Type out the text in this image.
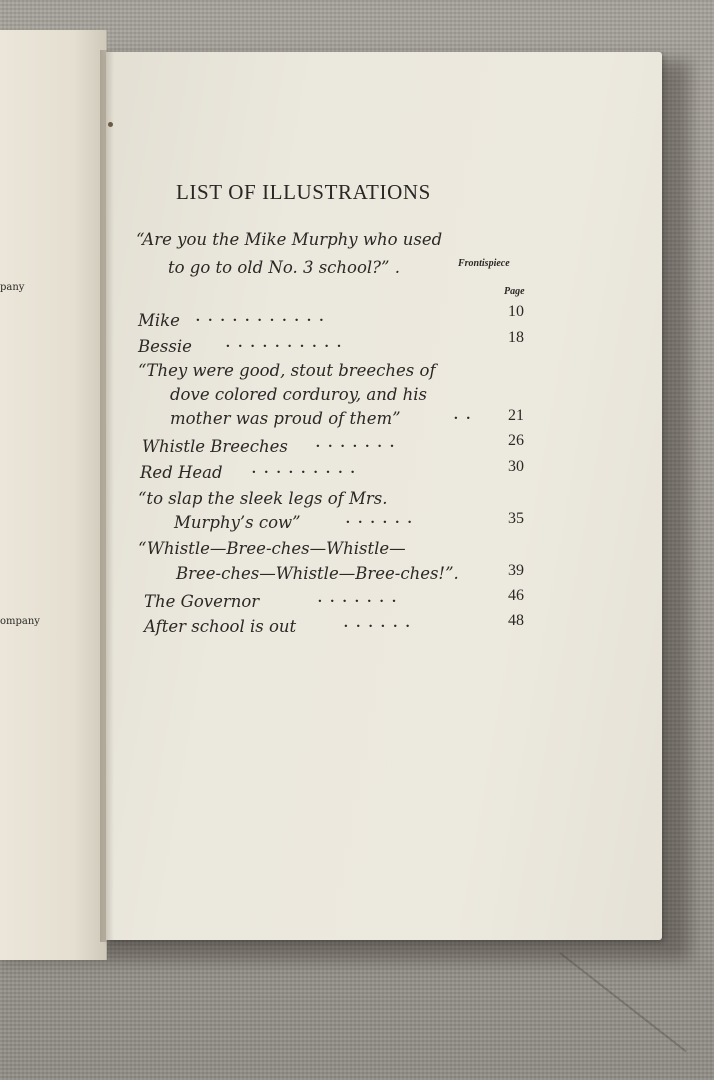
pany
ompany
LIST OF ILLUSTRATIONS
“Are you the Mike Murphy who used
to go to old No. 3 school?” .	Frontispiece
Page
Mike ...........	10
Bessie ..........	18
“They were good, stout breeches of
dove colored corduroy, and his
mother was proud of them”	.. 21
Whistle Breeches .......	26
Red Head .........	30
“to slap the sleek legs of Mrs.
Murphy’s cow”	......	35
“Whistle—Bree-ches—Whistle—
Bree-ches—Whistle—Bree-ches!”.	39
The Governor	.......	46
After school is out	......	48
